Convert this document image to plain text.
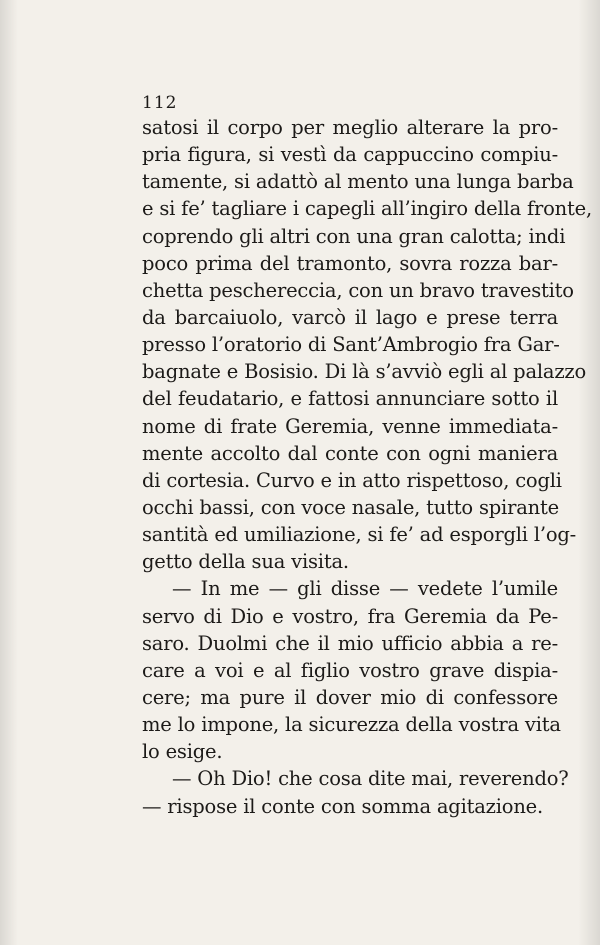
112
satosi il corpo per meglio alterare la pro-
pria figura, si vestì da cappuccino compiu-
tamente, si adattò al mento una lunga barba
e si fe’ tagliare i capegli all’ingiro della fronte,
coprendo gli altri con una gran calotta; indi
poco prima del tramonto, sovra rozza bar-
chetta peschereccia, con un bravo travestito
da barcaiuolo, varcò il lago e prese terra
presso l’oratorio di Sant’Ambrogio fra Gar-
bagnate e Bosisio. Di là s’avviò egli al palazzo
del feudatario, e fattosi annunciare sotto il
nome di frate Geremia, venne immediata-
mente accolto dal conte con ogni maniera
di cortesia. Curvo e in atto rispettoso, cogli
occhi bassi, con voce nasale, tutto spirante
santità ed umiliazione, si fe’ ad esporgli l’og-
getto della sua visita.
— In me — gli disse — vedete l’umile
servo di Dio e vostro, fra Geremia da Pe-
saro. Duolmi che il mio ufficio abbia a re-
care a voi e al figlio vostro grave dispia-
cere; ma pure il dover mio di confessore
me lo impone, la sicurezza della vostra vita
lo esige.
— Oh Dio! che cosa dite mai, reverendo?
— rispose il conte con somma agitazione.
